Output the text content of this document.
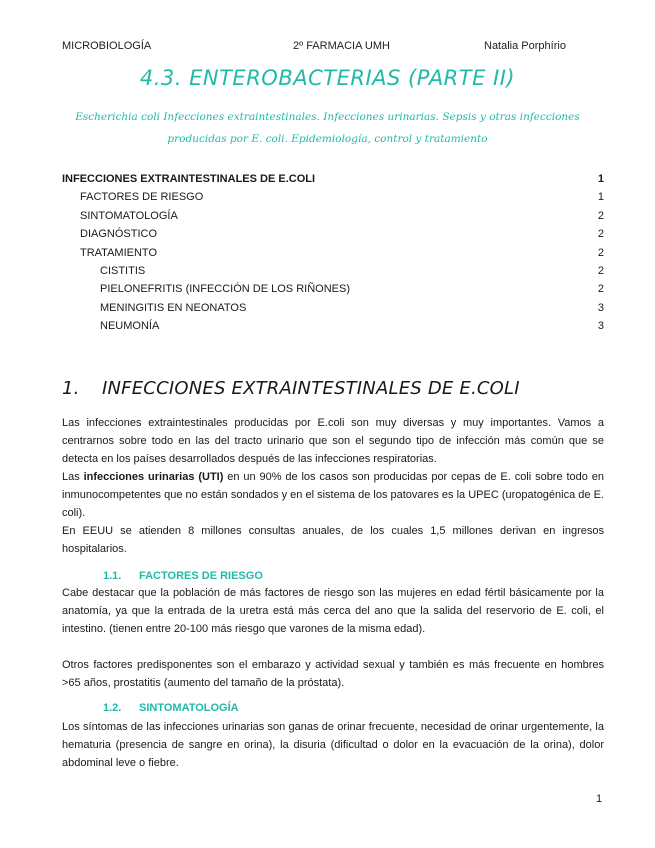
MICROBIOLOGÍA	2º FARMACIA UMH	Natalia Porphírio
4.3. ENTEROBACTERIAS (PARTE II)
Escherichia coli Infecciones extraintestinales. Infecciones urinarias. Sepsis y otras infecciones producidas por E. coli. Epidemiología, control y tratamiento
INFECCIONES EXTRAINTESTINALES DE E.COLI	1
FACTORES DE RIESGO	1
SINTOMATOLOGÍA	2
DIAGNÓSTICO	2
TRATAMIENTO	2
CISTITIS	2
PIELONEFRITIS (INFECCIÓN DE LOS RIÑONES)	2
MENINGITIS EN NEONATOS	3
NEUMONÍA	3
1. INFECCIONES EXTRAINTESTINALES DE E.COLI
Las infecciones extraintestinales producidas por E.coli son muy diversas y muy importantes. Vamos a centrarnos sobre todo en las del tracto urinario que son el segundo tipo de infección más común que se detecta en los países desarrollados después de las infecciones respiratorias.
Las infecciones urinarias (UTI) en un 90% de los casos son producidas por cepas de E. coli sobre todo en inmunocompetentes que no están sondados y en el sistema de los patovares es la UPEC (uropatogénica de E. coli).
En EEUU se atienden 8 millones consultas anuales, de los cuales 1,5 millones derivan en ingresos hospitalarios.
1.1. FACTORES DE RIESGO
Cabe destacar que la población de más factores de riesgo son las mujeres en edad fértil básicamente por la anatomía, ya que la entrada de la uretra está más cerca del ano que la salida del reservorio de E. coli, el intestino. (tienen entre 20-100 más riesgo que varones de la misma edad).
Otros factores predisponentes son el embarazo y actividad sexual y también es más frecuente en hombres >65 años, prostatitis (aumento del tamaño de la próstata).
1.2. SINTOMATOLOGÍA
Los síntomas de las infecciones urinarias son ganas de orinar frecuente, necesidad de orinar urgentemente, la hematuria (presencia de sangre en orina), la disuria (dificultad o dolor en la evacuación de la orina), dolor abdominal leve o fiebre.
1
